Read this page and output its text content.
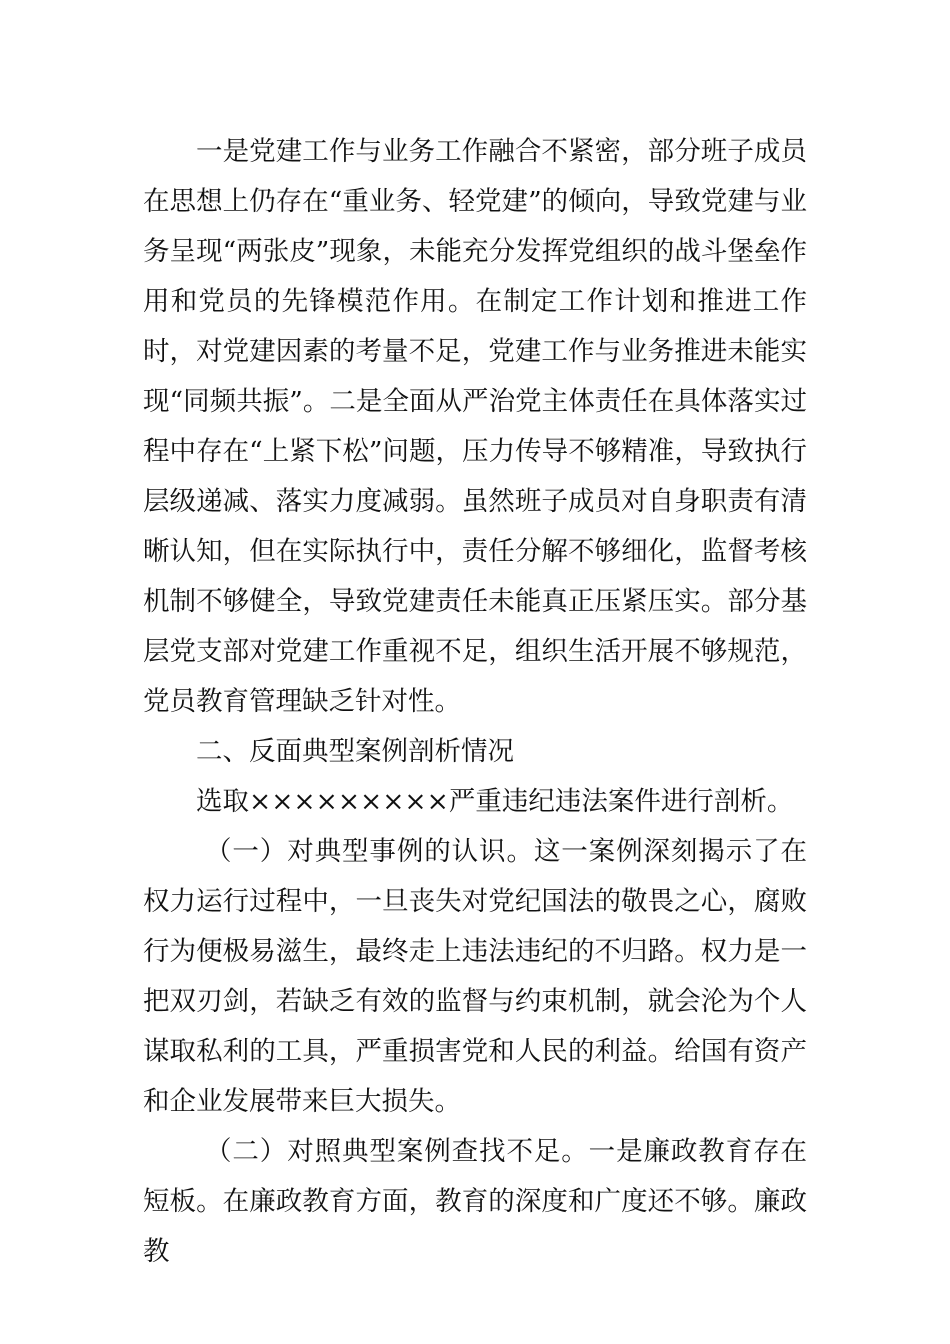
一是党建工作与业务工作融合不紧密，部分班子成员在思想上仍存在“重业务、轻党建”的倾向，导致党建与业务呈现“两张皮”现象，未能充分发挥党组织的战斗堡垒作用和党员的先锋模范作用。在制定工作计划和推进工作时，对党建因素的考量不足，党建工作与业务推进未能实现“同频共振”。二是全面从严治党主体责任在具体落实过程中存在“上紧下松”问题，压力传导不够精准，导致执行层级递减、落实力度减弱。虽然班子成员对自身职责有清晰认知，但在实际执行中，责任分解不够细化，监督考核机制不够健全，导致党建责任未能真正压紧压实。部分基层党支部对党建工作重视不足，组织生活开展不够规范，党员教育管理缺乏针对性。

二、反面典型案例剖析情况

选取×××××××××严重违纪违法案件进行剖析。

（一）对典型事例的认识。这一案例深刻揭示了在权力运行过程中，一旦丧失对党纪国法的敬畏之心，腐败行为便极易滋生，最终走上违法违纪的不归路。权力是一把双刃剑，若缺乏有效的监督与约束机制，就会沦为个人谋取私利的工具，严重损害党和人民的利益。给国有资产和企业发展带来巨大损失。

（二）对照典型案例查找不足。一是廉政教育存在短板。在廉政教育方面，教育的深度和广度还不够。廉政教
